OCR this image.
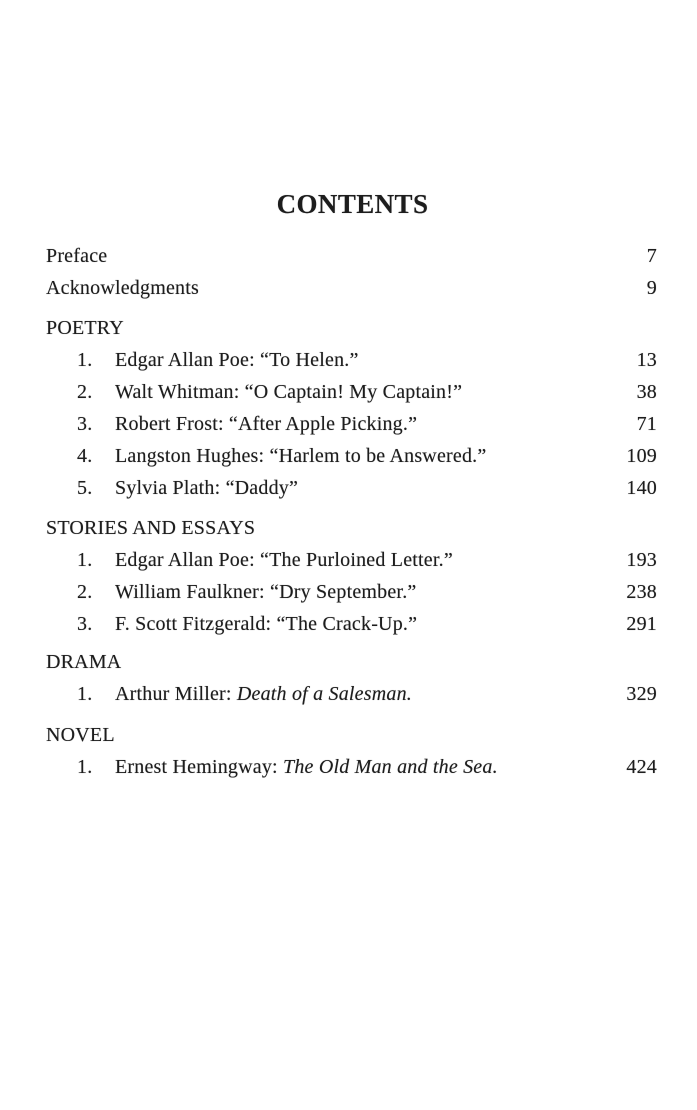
CONTENTS
Preface	7
Acknowledgments	9
POETRY
1.	Edgar Allan Poe: “To Helen.”	13
2.	Walt Whitman: “O Captain! My Captain!”	38
3.	Robert Frost: “After Apple Picking.”	71
4.	Langston Hughes: “Harlem to be Answered.”	109
5.	Sylvia Plath: “Daddy”	140
STORIES AND ESSAYS
1.	Edgar Allan Poe: “The Purloined Letter.”	193
2.	William Faulkner: “Dry September.”	238
3.	F. Scott Fitzgerald: “The Crack-Up.”	291
DRAMA
1.	Arthur Miller: Death of a Salesman.	329
NOVEL
1.	Ernest Hemingway: The Old Man and the Sea.	424
